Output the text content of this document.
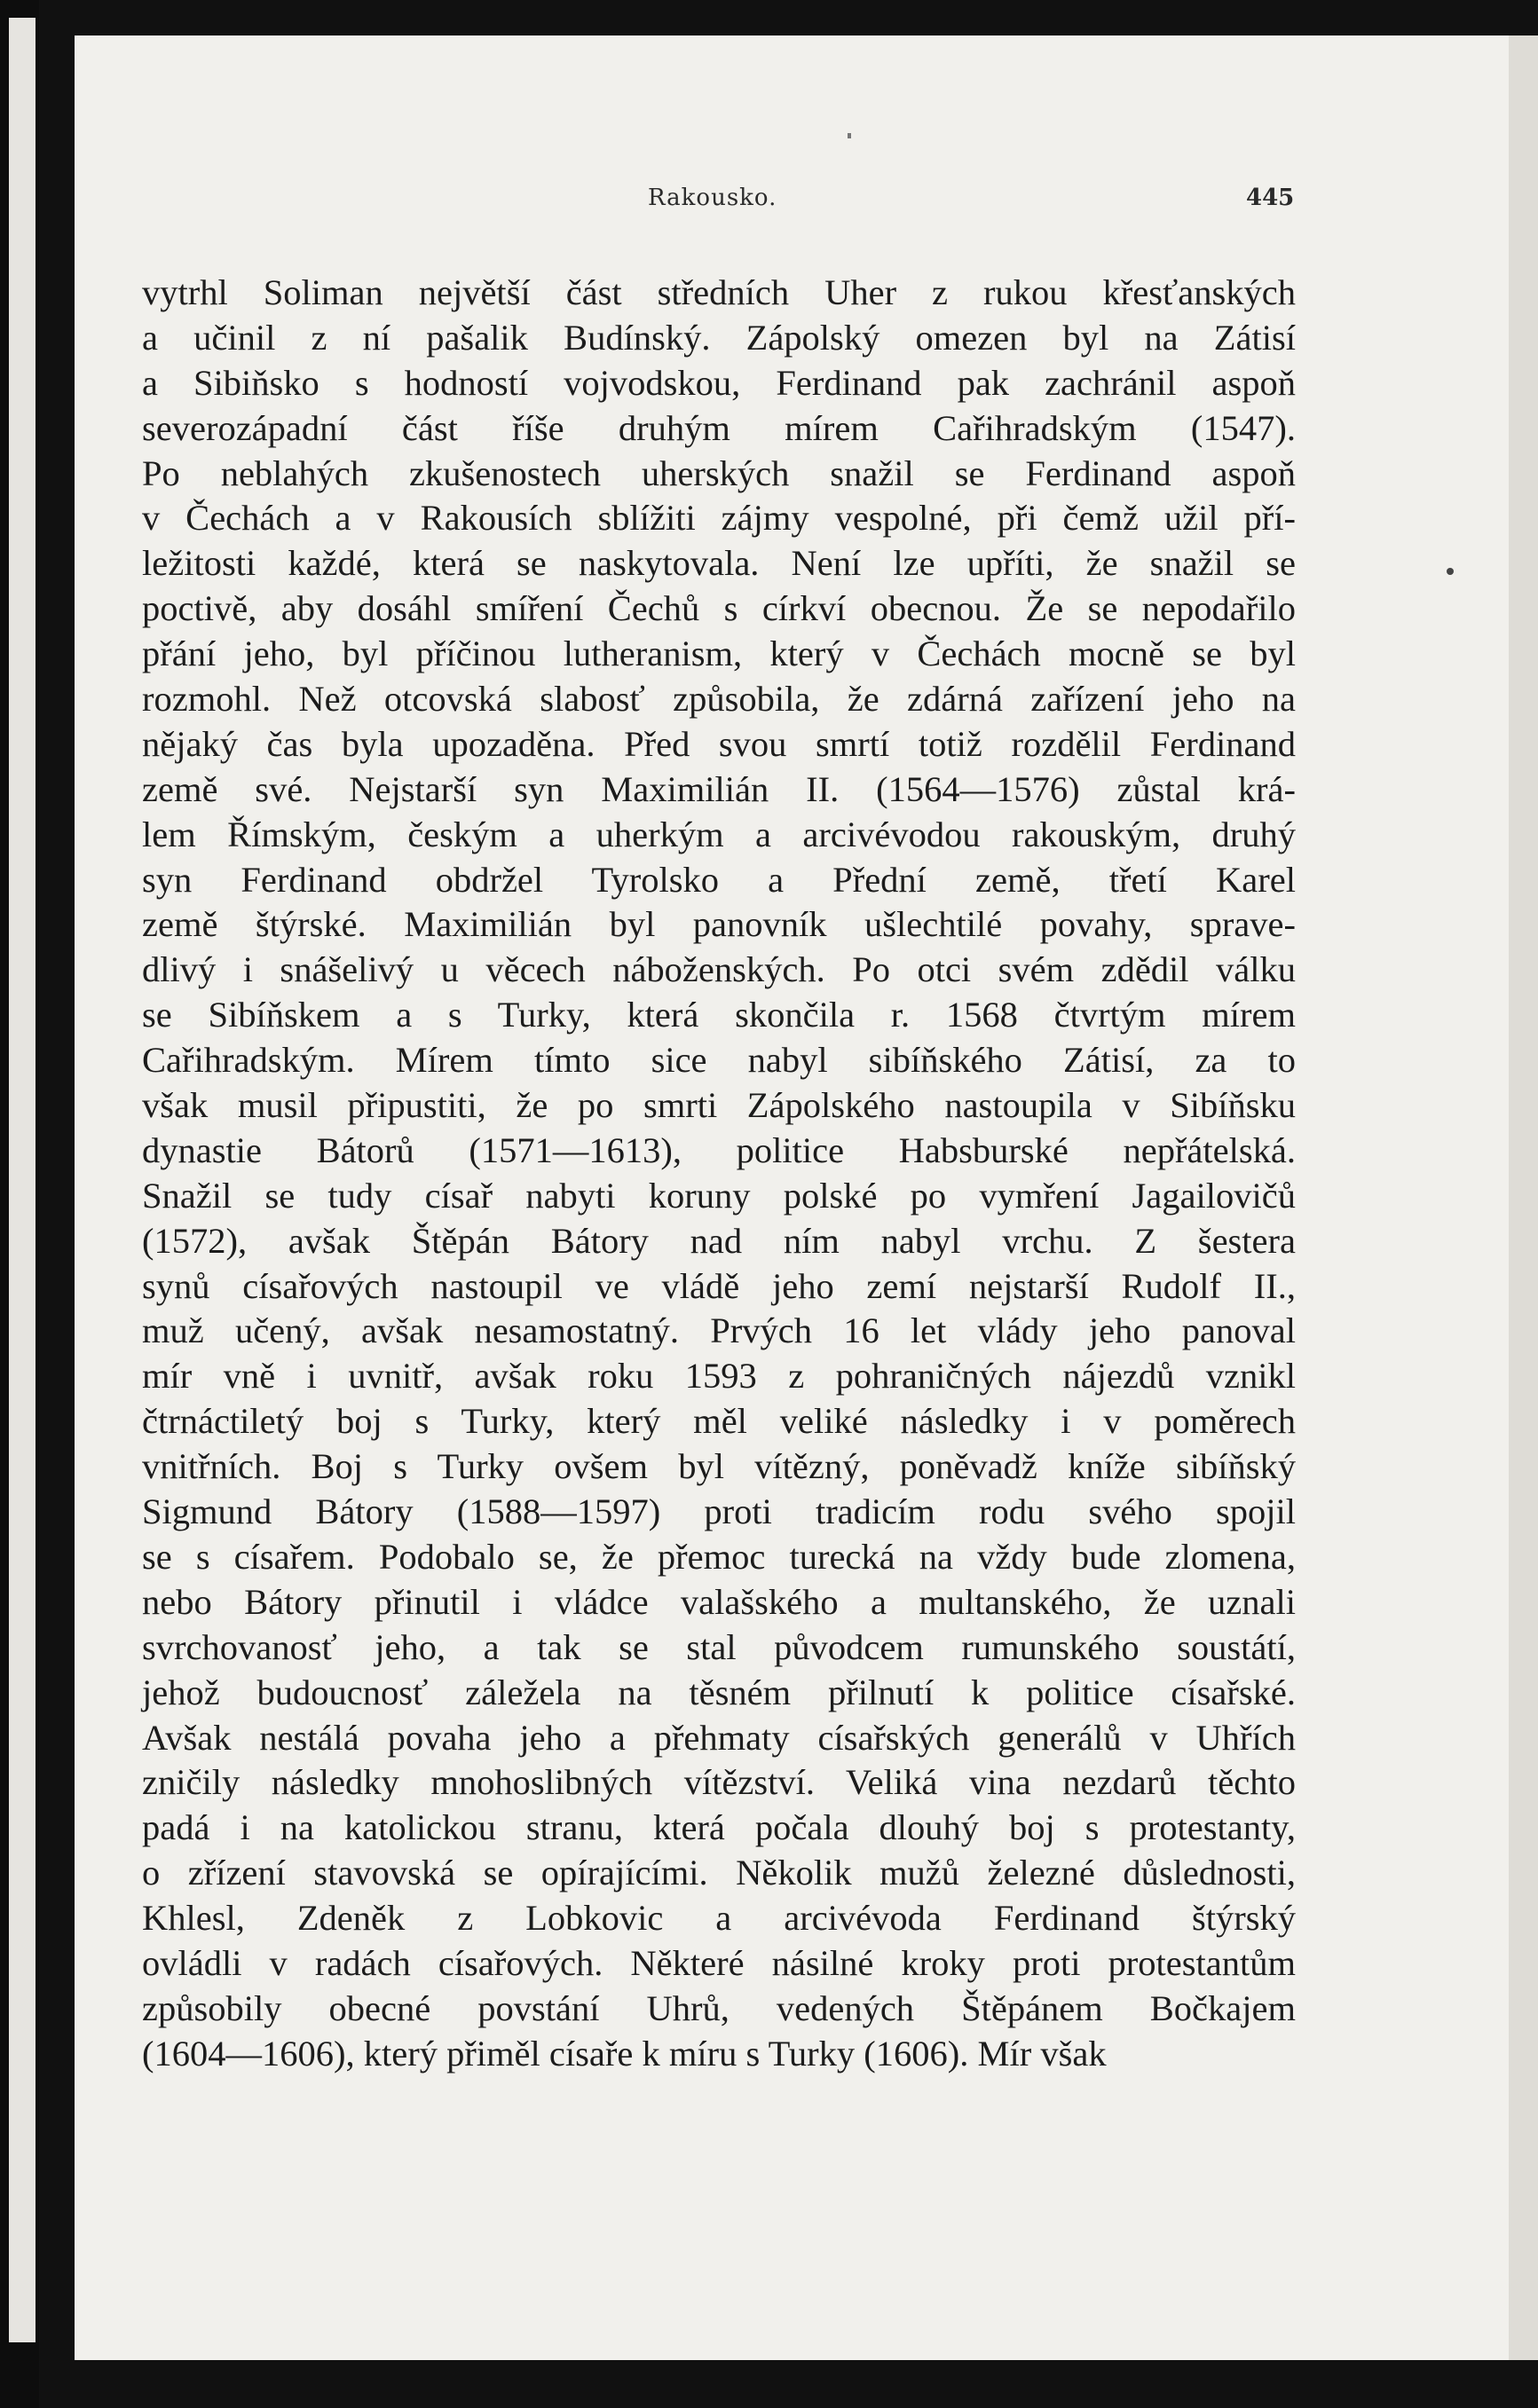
Rakousko.	445
vytrhl Soliman největší část středních Uher z rukou křesťanských
a učinil z ní pašalik Budínský. Zápolský omezen byl na Zátisí
a Sibiňsko s hodností vojvodskou, Ferdinand pak zachránil aspoň
severozápadní část říše druhým mírem Cařihradským (1547).
Po neblahých zkušenostech uherských snažil se Ferdinand aspoň
v Čechách a v Rakousích sblížiti zájmy vespolné, při čemž užil pří-
ležitosti každé, která se naskytovala. Není lze upříti, že snažil se
poctivě, aby dosáhl smíření Čechů s církví obecnou. Že se nepodařilo
přání jeho, byl příčinou lutheranism, který v Čechách mocně se byl
rozmohl. Než otcovská slabosť způsobila, že zdárná zařízení jeho na
nějaký čas byla upozaděna. Před svou smrtí totiž rozdělil Ferdinand
země své. Nejstarší syn Maximilián II. (1564—1576) zůstal krá-
lem Římským, českým a uherkým a arcivévodou rakouským, druhý
syn Ferdinand obdržel Tyrolsko a Přední země, třetí Karel
země štýrské. Maximilián byl panovník ušlechtilé povahy, sprave-
dlivý i snášelivý u věcech náboženských. Po otci svém zdědil válku
se Sibíňskem a s Turky, která skončila r. 1568 čtvrtým mírem
Cařihradským. Mírem tímto sice nabyl sibíňského Zátisí, za to
však musil připustiti, že po smrti Zápolského nastoupila v Sibíňsku
dynastie Bátorů (1571—1613), politice Habsburské nepřátelská.
Snažil se tudy císař nabyti koruny polské po vymření Jagailovičů
(1572), avšak Štěpán Bátory nad ním nabyl vrchu. Z šestera
synů císařových nastoupil ve vládě jeho zemí nejstarší Rudolf II.,
muž učený, avšak nesamostatný. Prvých 16 let vlády jeho panoval
mír vně i uvnitř, avšak roku 1593 z pohraničných nájezdů vznikl
čtrnáctiletý boj s Turky, který měl veliké následky i v poměrech
vnitřních. Boj s Turky ovšem byl vítězný, poněvadž kníže sibíňský
Sigmund Bátory (1588—1597) proti tradicím rodu svého spojil
se s císařem. Podobalo se, že přemoc turecká na vždy bude zlomena,
nebo Bátory přinutil i vládce valašského a multanského, že uznali
svrchovanosť jeho, a tak se stal původcem rumunského soustátí,
jehož budoucnosť záležela na těsném přilnutí k politice císařské.
Avšak nestálá povaha jeho a přehmaty císařských generálů v Uhřích
zničily následky mnohoslibných vítězství. Veliká vina nezdarů těchto
padá i na katolickou stranu, která počala dlouhý boj s protestanty,
o zřízení stavovská se opírajícími. Několik mužů železné důslednosti,
Khlesl, Zdeněk z Lobkovic a arcivévoda Ferdinand štýrský
ovládli v radách císařových. Některé násilné kroky proti protestantům
způsobily obecné povstání Uhrů, vedených Štěpánem Bočkajem
(1604—1606), který přiměl císaře k míru s Turky (1606). Mír však
